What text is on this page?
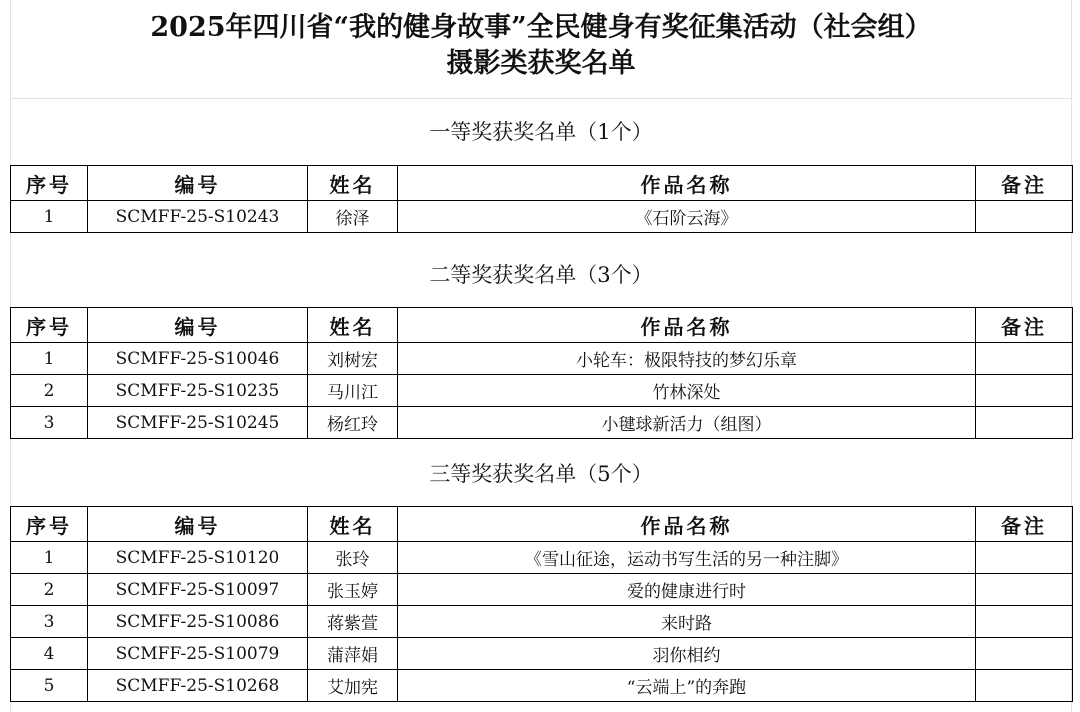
2025年四川省“我的健身故事”全民健身有奖征集活动（社会组）
摄影类获奖名单
一等奖获奖名单（1个）
序号	编号	姓名	作品名称	备注
1	SCMFF-25-S10243	徐泽	《石阶云海》	
二等奖获奖名单（3个）
序号	编号	姓名	作品名称	备注
1	SCMFF-25-S10046	刘树宏	小轮车：极限特技的梦幻乐章	
2	SCMFF-25-S10235	马川江	竹林深处	
3	SCMFF-25-S10245	杨红玲	小毽球新活力（组图）	
三等奖获奖名单（5个）
序号	编号	姓名	作品名称	备注
1	SCMFF-25-S10120	张玲	《雪山征途，运动书写生活的另一种注脚》	
2	SCMFF-25-S10097	张玉婷	爱的健康进行时	
3	SCMFF-25-S10086	蒋紫萱	来时路	
4	SCMFF-25-S10079	蒲萍娟	羽你相约	
5	SCMFF-25-S10268	艾加宪	“云端上”的奔跑	
